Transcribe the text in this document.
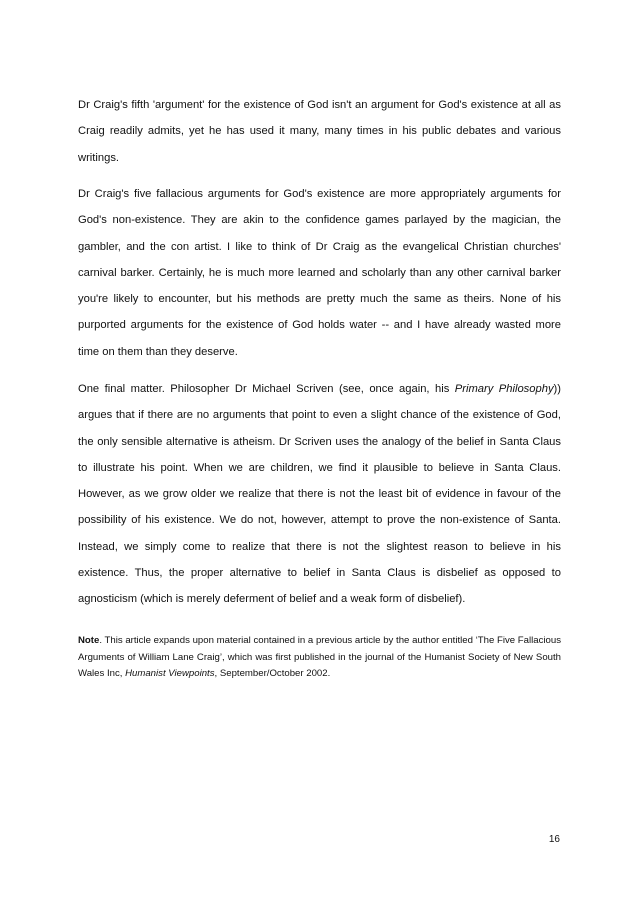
Dr Craig's fifth 'argument' for the existence of God isn't an argument for God's existence at all as Craig readily admits, yet he has used it many, many times in his public debates and various writings.

Dr Craig's five fallacious arguments for God's existence are more appropriately arguments for God's non-existence. They are akin to the confidence games parlayed by the magician, the gambler, and the con artist. I like to think of Dr Craig as the evangelical Christian churches' carnival barker. Certainly, he is much more learned and scholarly than any other carnival barker you're likely to encounter, but his methods are pretty much the same as theirs. None of his purported arguments for the existence of God holds water -- and I have already wasted more time on them than they deserve.

One final matter. Philosopher Dr Michael Scriven (see, once again, his Primary Philosophy)) argues that if there are no arguments that point to even a slight chance of the existence of God, the only sensible alternative is atheism. Dr Scriven uses the analogy of the belief in Santa Claus to illustrate his point. When we are children, we find it plausible to believe in Santa Claus. However, as we grow older we realize that there is not the least bit of evidence in favour of the possibility of his existence. We do not, however, attempt to prove the non-existence of Santa. Instead, we simply come to realize that there is not the slightest reason to believe in his existence. Thus, the proper alternative to belief in Santa Claus is disbelief as opposed to agnosticism (which is merely deferment of belief and a weak form of disbelief).

Note. This article expands upon material contained in a previous article by the author entitled ‘The Five Fallacious Arguments of William Lane Craig’, which was first published in the journal of the Humanist Society of New South Wales Inc, Humanist Viewpoints, September/October 2002.

16
